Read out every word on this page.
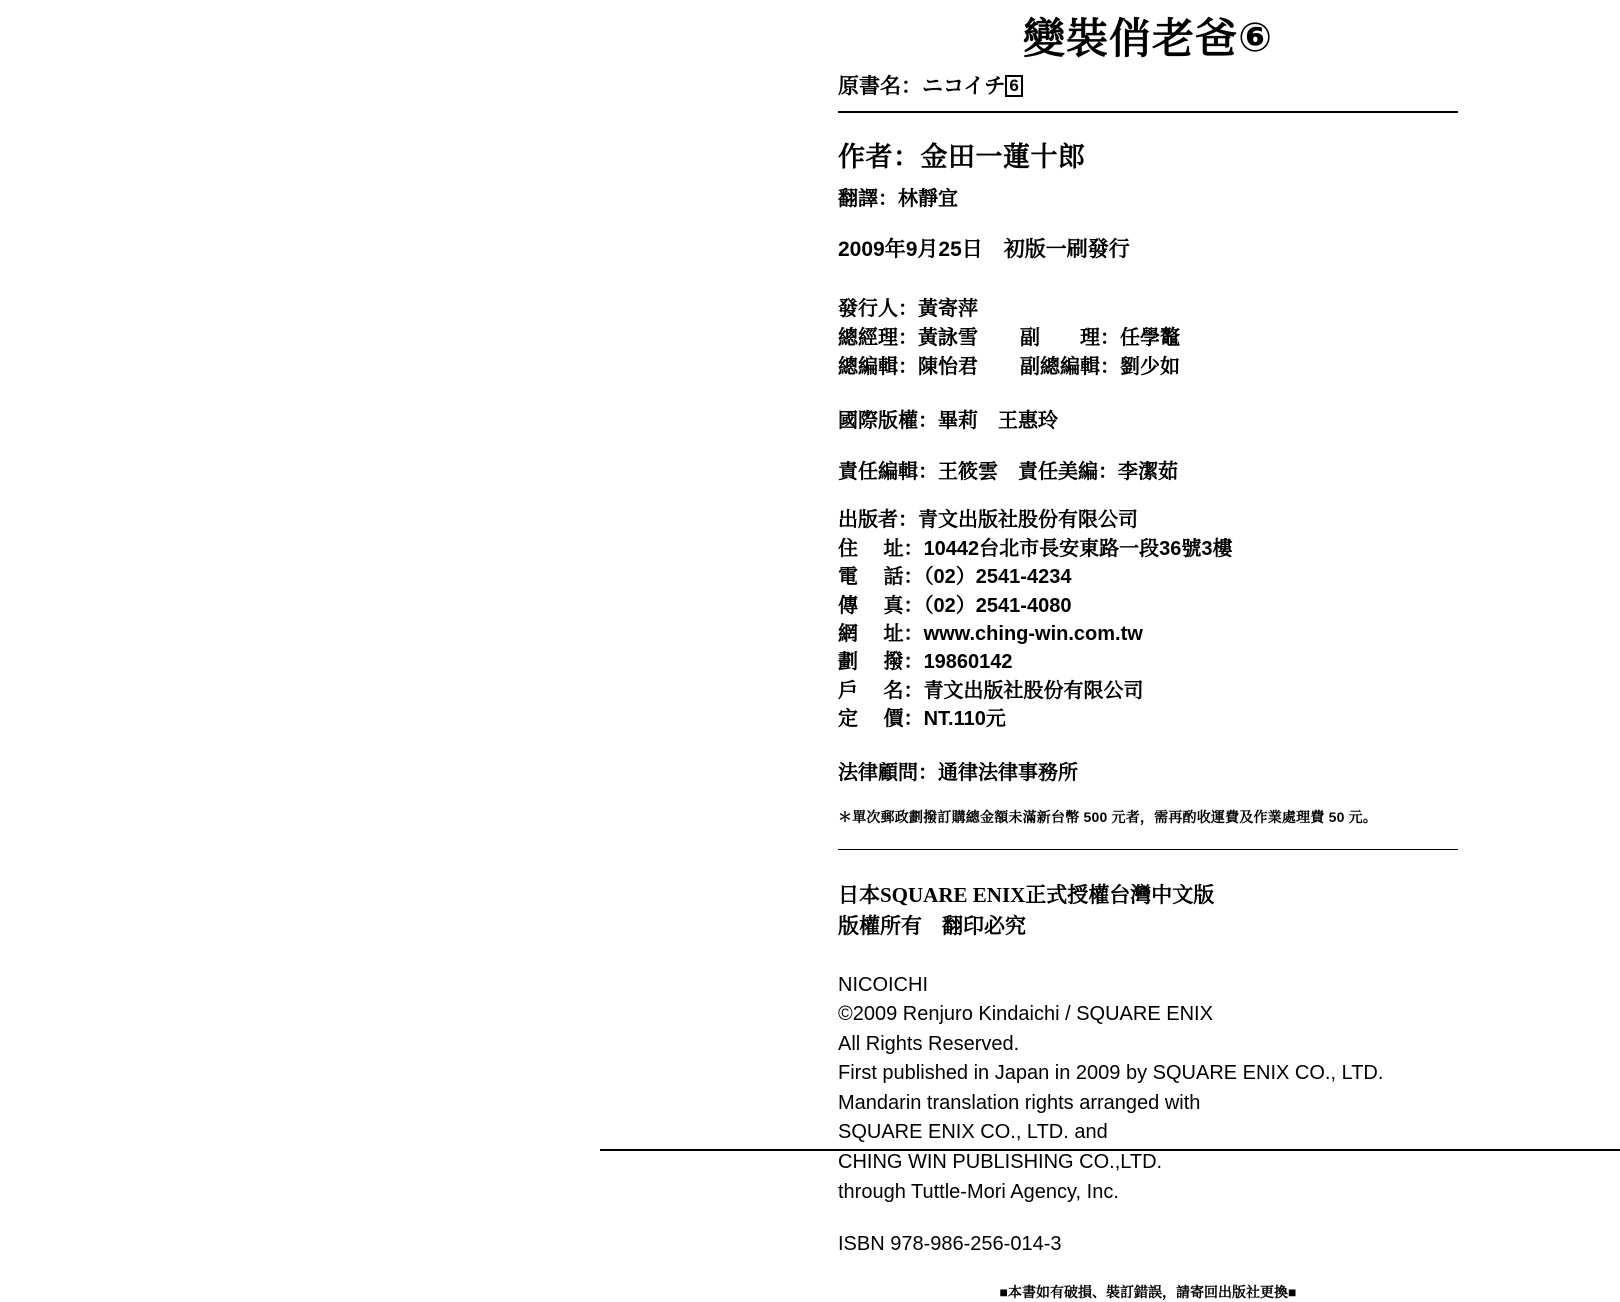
變裝俏老爸⑥
原書名：ニコイチ 6
作者：金田一蓮十郎
翻譯：林靜宜
2009年9月25日　初版一刷發行
發行人：黃寄萍
總經理：黃詠雪 副　　理：任學鼇
總編輯：陳怡君 副總編輯：劉少如
國際版權：畢莉　王惠玲
責任編輯：王筱雲　責任美編：李潔茹
出版者：青文出版社股份有限公司
住　 址：10442台北市長安東路一段36號3樓
電　 話：（02）2541-4234
傳　 真：（02）2541-4080
網　 址：www.ching-win.com.tw
劃　 撥：19860142
戶　 名：青文出版社股份有限公司
定　 價：NT.110元
法律顧問：通律法律事務所
＊單次郵政劃撥訂購總金額未滿新台幣 500 元者，需再酌收運費及作業處理費 50 元。
日本SQUARE ENIX正式授權台灣中文版
版權所有 翻印必究
NICOICHI
©2009 Renjuro Kindaichi / SQUARE ENIX
All Rights Reserved.
First published in Japan in 2009 by SQUARE ENIX CO., LTD.
Mandarin translation rights arranged with
SQUARE ENIX CO., LTD. and
CHING WIN PUBLISHING CO.,LTD.
through Tuttle-Mori Agency, Inc.
ISBN 978-986-256-014-3
■本書如有破損、裝訂錯誤，請寄回出版社更換■
